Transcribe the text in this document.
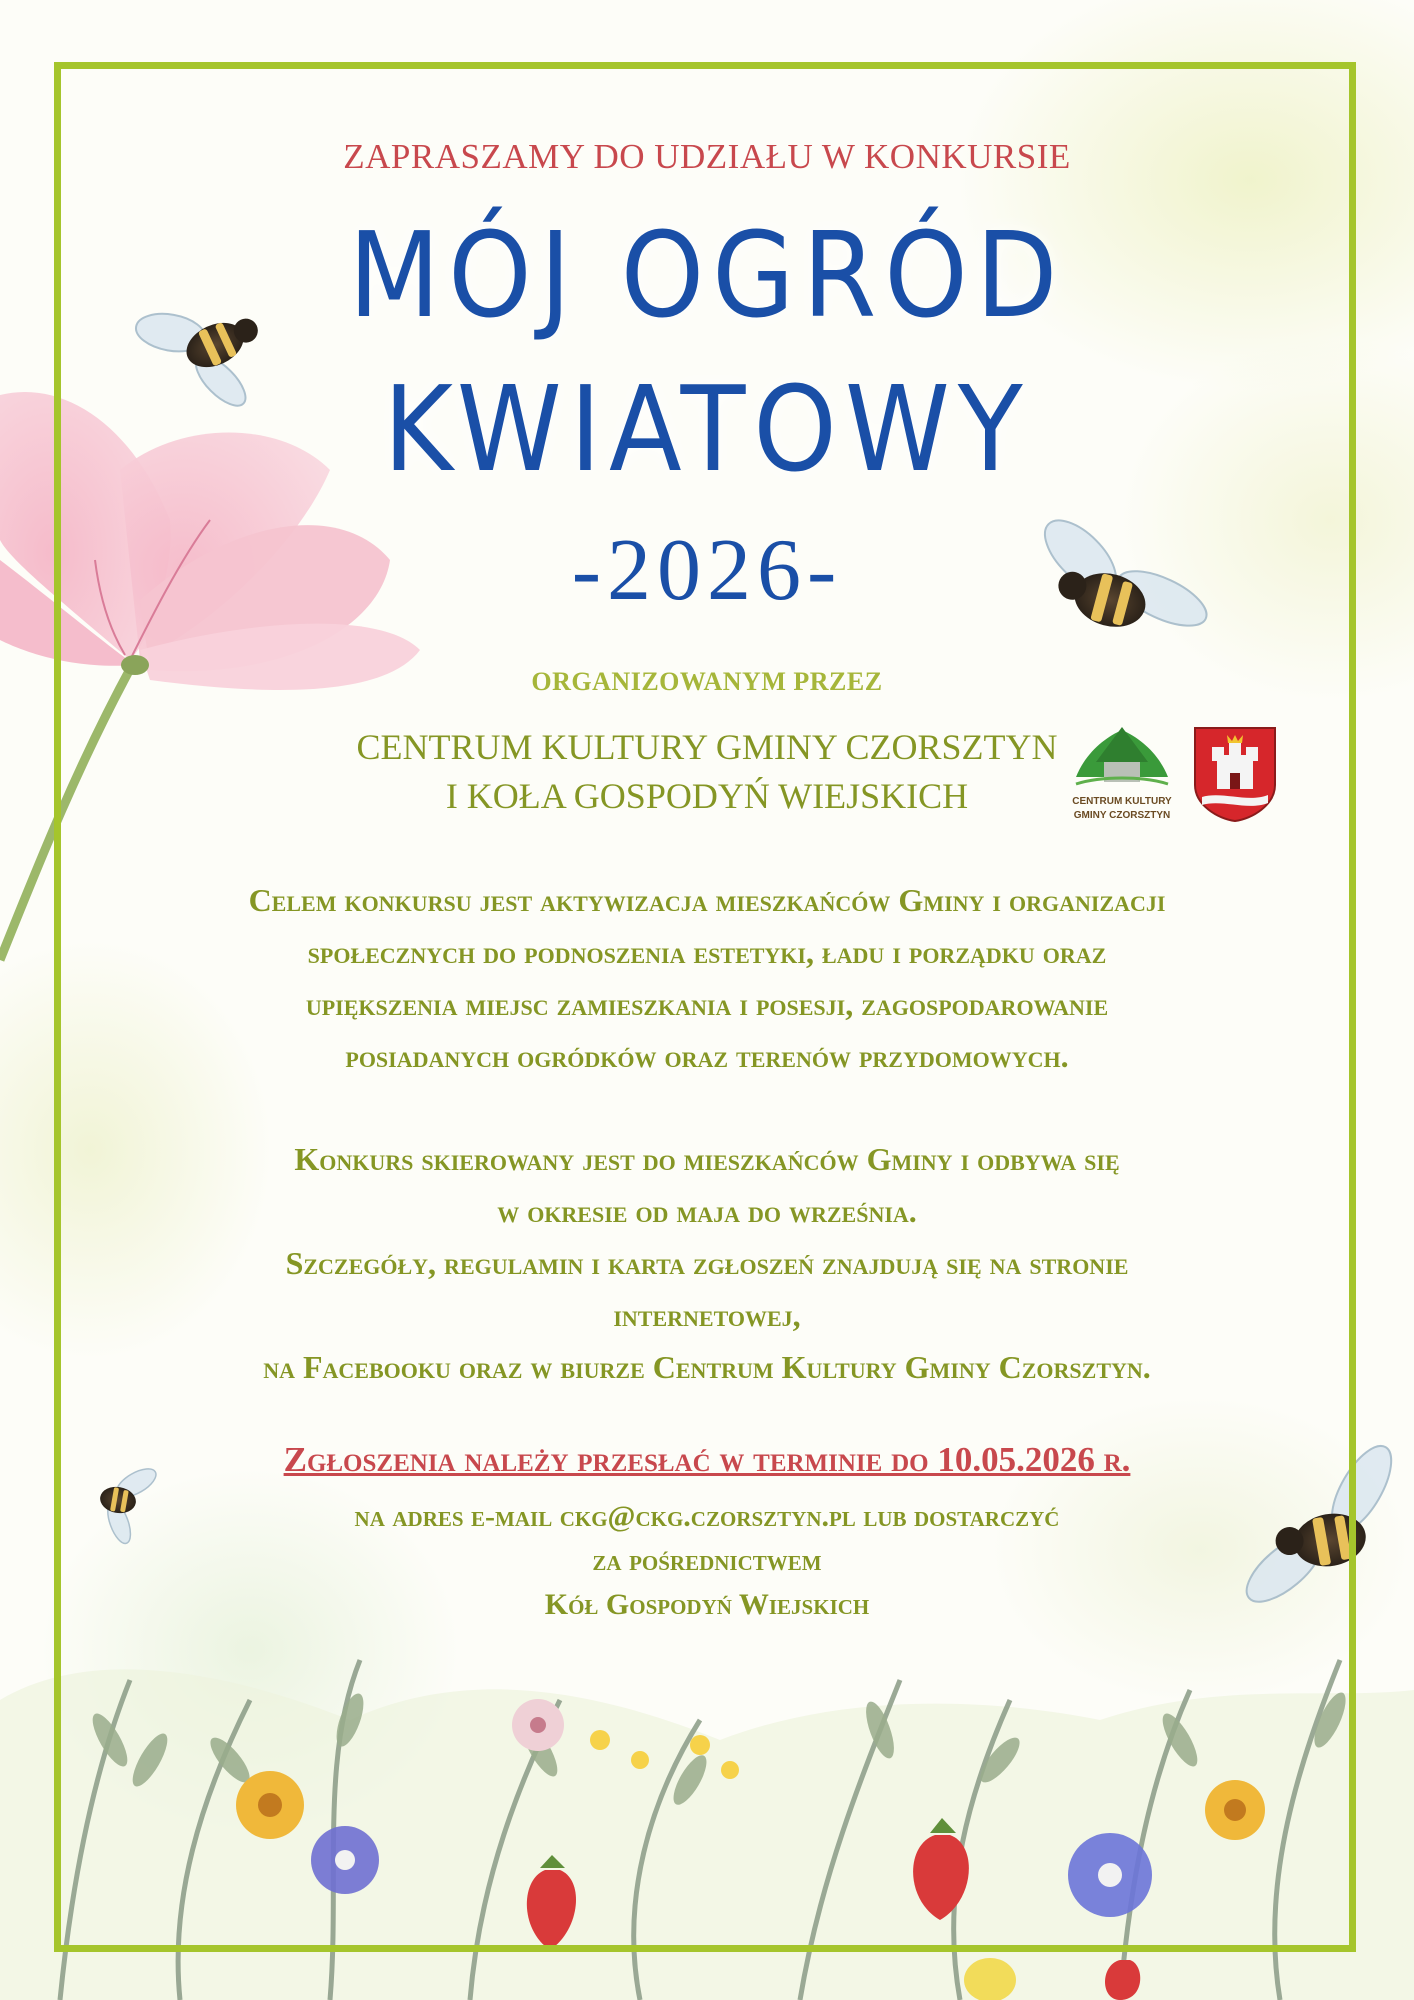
ZAPRASZAMY DO UDZIAŁU W KONKURSIE
MÓJ OGRÓD
KWIATOWY
-2026-
ORGANIZOWANYM PRZEZ
CENTRUM KULTURY GMINY CZORSZTYN
I KOŁA GOSPODYŃ WIEJSKICH	CENTRUM KULTURY
GMINY CZORSZTYN
Celem konkursu jest aktywizacja mieszkańców Gminy i organizacji
społecznych do podnoszenia estetyki, ładu i porządku oraz
upiększenia miejsc zamieszkania i posesji, zagospodarowanie
posiadanych ogródków oraz terenów przydomowych.
Konkurs skierowany jest do mieszkańców Gminy i odbywa się
w okresie od maja do września.
Szczegóły, regulamin i karta zgłoszeń znajdują się na stronie
internetowej,
na Facebooku oraz w biurze Centrum Kultury Gminy Czorsztyn.
Zgłoszenia należy przesłać w terminie do 10.05.2026 r.
na adres e-mail ckg@ckg.czorsztyn.pl lub dostarczyć
za pośrednictwem
Kół Gospodyń Wiejskich
